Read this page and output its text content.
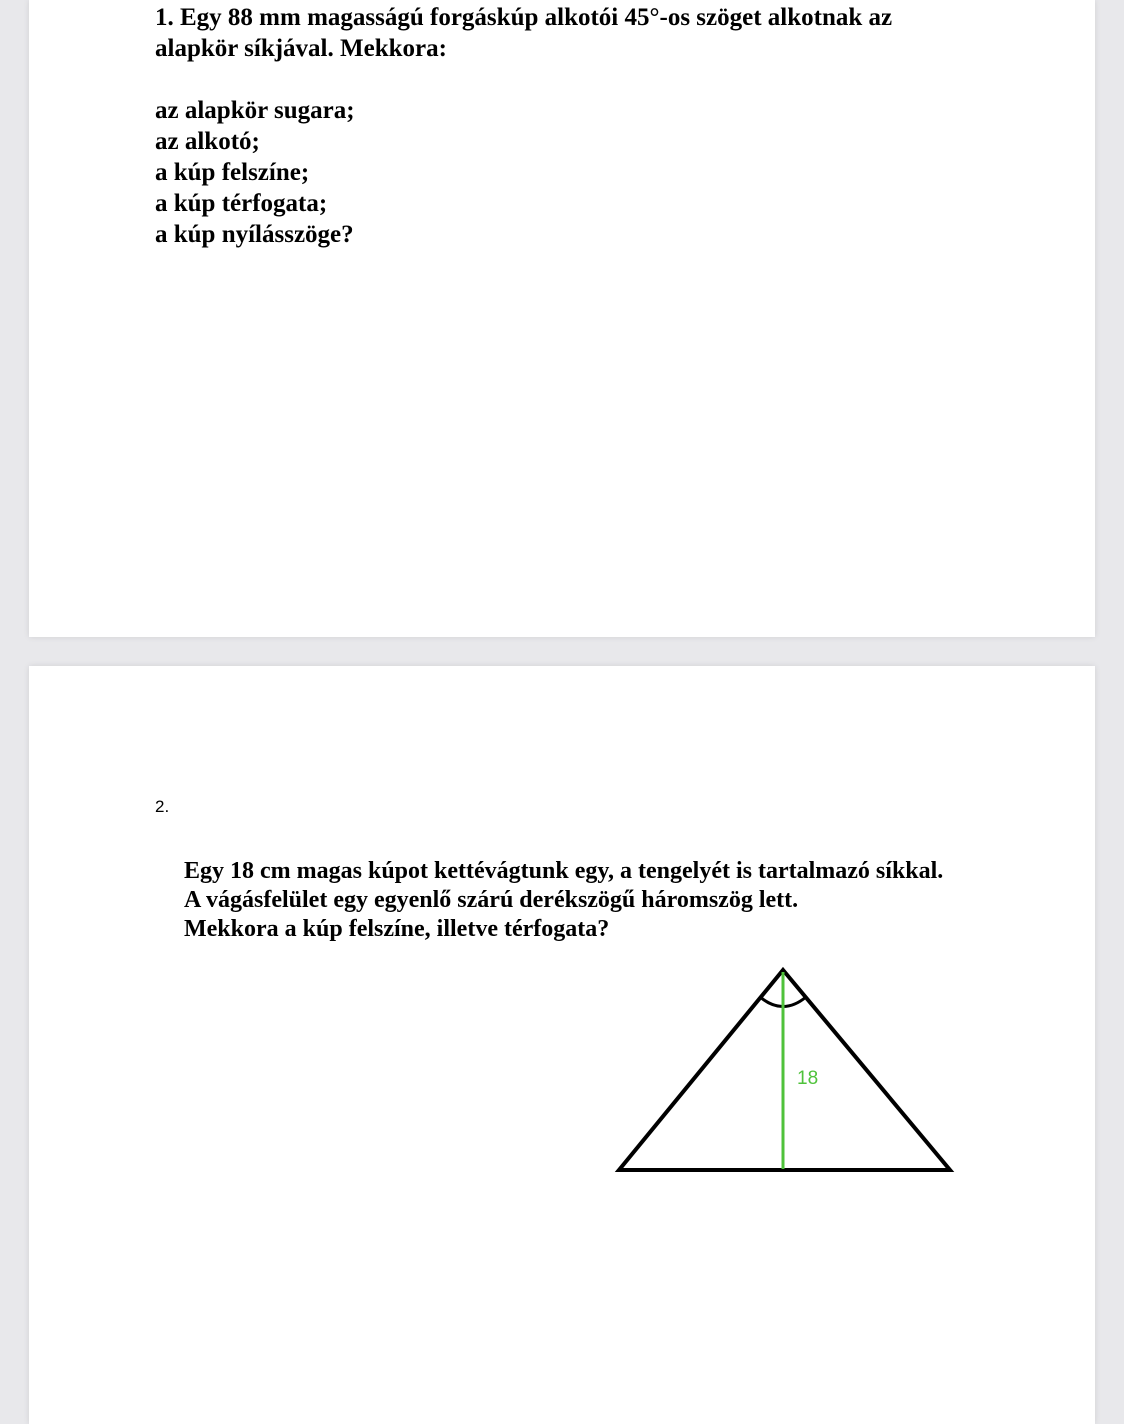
1. Egy 88 mm magasságú forgáskúp alkotói 45°-os szöget alkotnak az
alapkör síkjával. Mekkora:
az alapkör sugara;
az alkotó;
a kúp felszíne;
a kúp térfogata;
a kúp nyílásszöge?
2.
Egy 18 cm magas kúpot kettévágtunk egy, a tengelyét is tartalmazó síkkal.
A vágásfelület egy egyenlő szárú derékszögű háromszög lett.
Mekkora a kúp felszíne, illetve térfogata?
18
